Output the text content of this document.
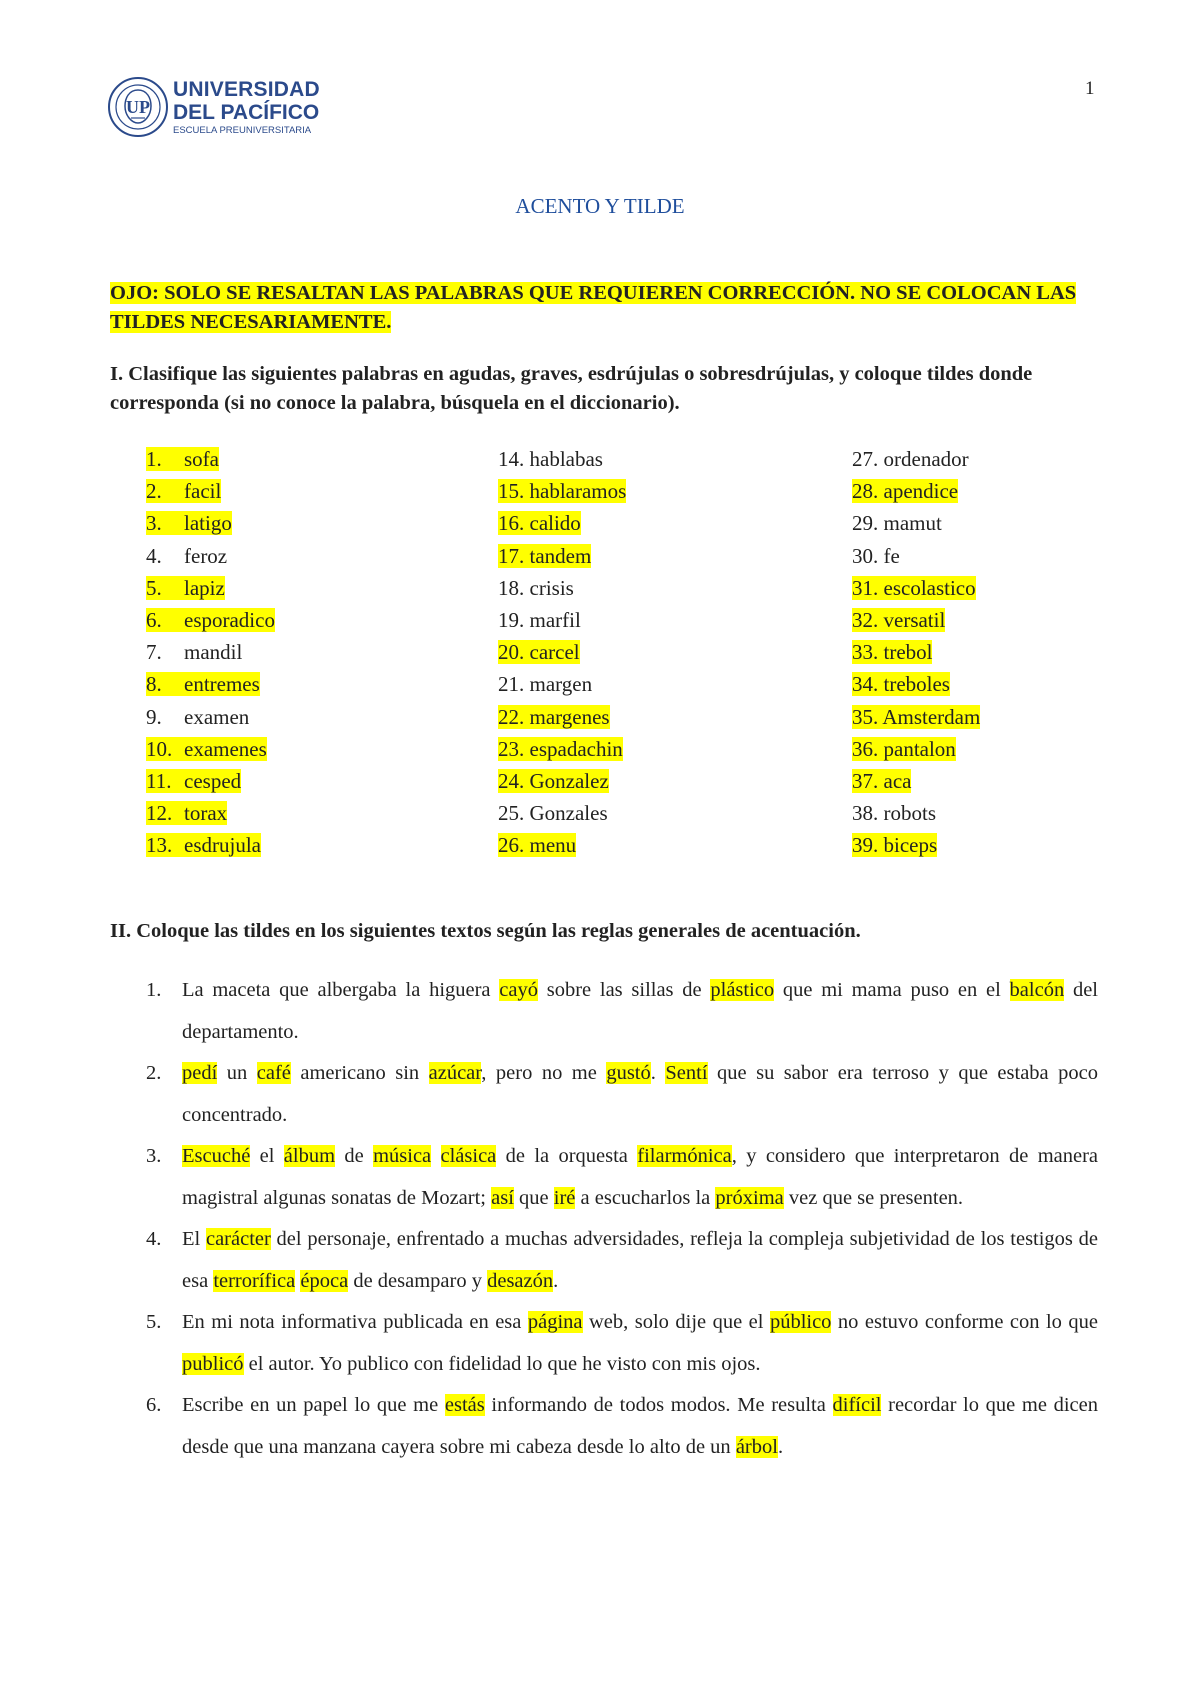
UP
UNIVERSIDAD
DEL PACÍFICO
ESCUELA PREUNIVERSITARIA
1
ACENTO Y TILDE
OJO: SOLO SE RESALTAN LAS PALABRAS QUE REQUIEREN CORRECCIÓN. NO SE COLOCAN LAS TILDES NECESARIAMENTE.
I. Clasifique las siguientes palabras en agudas, graves, esdrújulas o sobresdrújulas, y coloque tildes donde corresponda (si no conoce la palabra, búsquela en el diccionario).
1. sofa
2. facil
3. latigo
4. feroz
5. lapiz
6. esporadico
7. mandil
8. entremes
9. examen
10. examenes
11. cesped
12. torax
13. esdrujula
14. hablabas
15. hablaramos
16. calido
17. tandem
18. crisis
19. marfil
20. carcel
21. margen
22. margenes
23. espadachin
24. Gonzalez
25. Gonzales
26. menu
27. ordenador
28. apendice
29. mamut
30. fe
31. escolastico
32. versatil
33. trebol
34. treboles
35. Amsterdam
36. pantalon
37. aca
38. robots
39. biceps
II. Coloque las tildes en los siguientes textos según las reglas generales de acentuación.
1. La maceta que albergaba la higuera cayó sobre las sillas de plástico que mi mama puso en el balcón del departamento.
2. pedí un café americano sin azúcar, pero no me gustó. Sentí que su sabor era terroso y que estaba poco concentrado.
3. Escuché el álbum de música clásica de la orquesta filarmónica, y considero que interpretaron de manera magistral algunas sonatas de Mozart; así que iré a escucharlos la próxima vez que se presenten.
4. El carácter del personaje, enfrentado a muchas adversidades, refleja la compleja subjetividad de los testigos de esa terrorífica época de desamparo y desazón.
5. En mi nota informativa publicada en esa página web, solo dije que el público no estuvo conforme con lo que publicó el autor. Yo publico con fidelidad lo que he visto con mis ojos.
6. Escribe en un papel lo que me estás informando de todos modos. Me resulta difícil recordar lo que me dicen desde que una manzana cayera sobre mi cabeza desde lo alto de un árbol.
